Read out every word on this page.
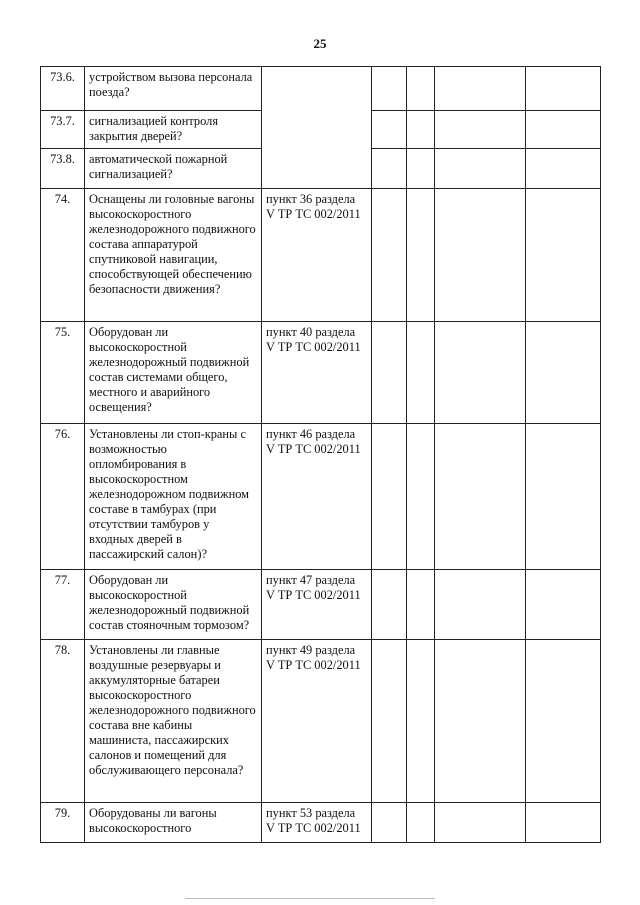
25
73.6.	устройством вызова персонала поезда?					
73.7.	сигнализацией контроля закрытия дверей?					
73.8.	автоматической пожарной сигнализацией?					
74.	Оснащены ли головные вагоны высокоскоростного железнодорожного подвижного состава аппаратурой спутниковой навигации, способствующей обеспечению безопасности движения?	пункт 36 раздела V ТР ТС 002/2011				
75.	Оборудован ли высокоскоростной железнодорожный подвижной состав системами общего, местного и аварийного освещения?	пункт 40 раздела V ТР ТС 002/2011				
76.	Установлены ли стоп-краны с возможностью опломбирования в высокоскоростном железнодорожном подвижном составе в тамбурах (при отсутствии тамбуров у входных дверей в пассажирский салон)?	пункт 46 раздела V ТР ТС 002/2011				
77.	Оборудован ли высокоскоростной железнодорожный подвижной состав стояночным тормозом?	пункт 47 раздела V ТР ТС 002/2011				
78.	Установлены ли главные воздушные резервуары и аккумуляторные батареи высокоскоростного железнодорожного подвижного состава вне кабины машиниста, пассажирских салонов и помещений для обслуживающего персонала?	пункт 49 раздела V ТР ТС 002/2011				
79.	Оборудованы ли вагоны высокоскоростного	пункт 53 раздела V ТР ТС 002/2011				
